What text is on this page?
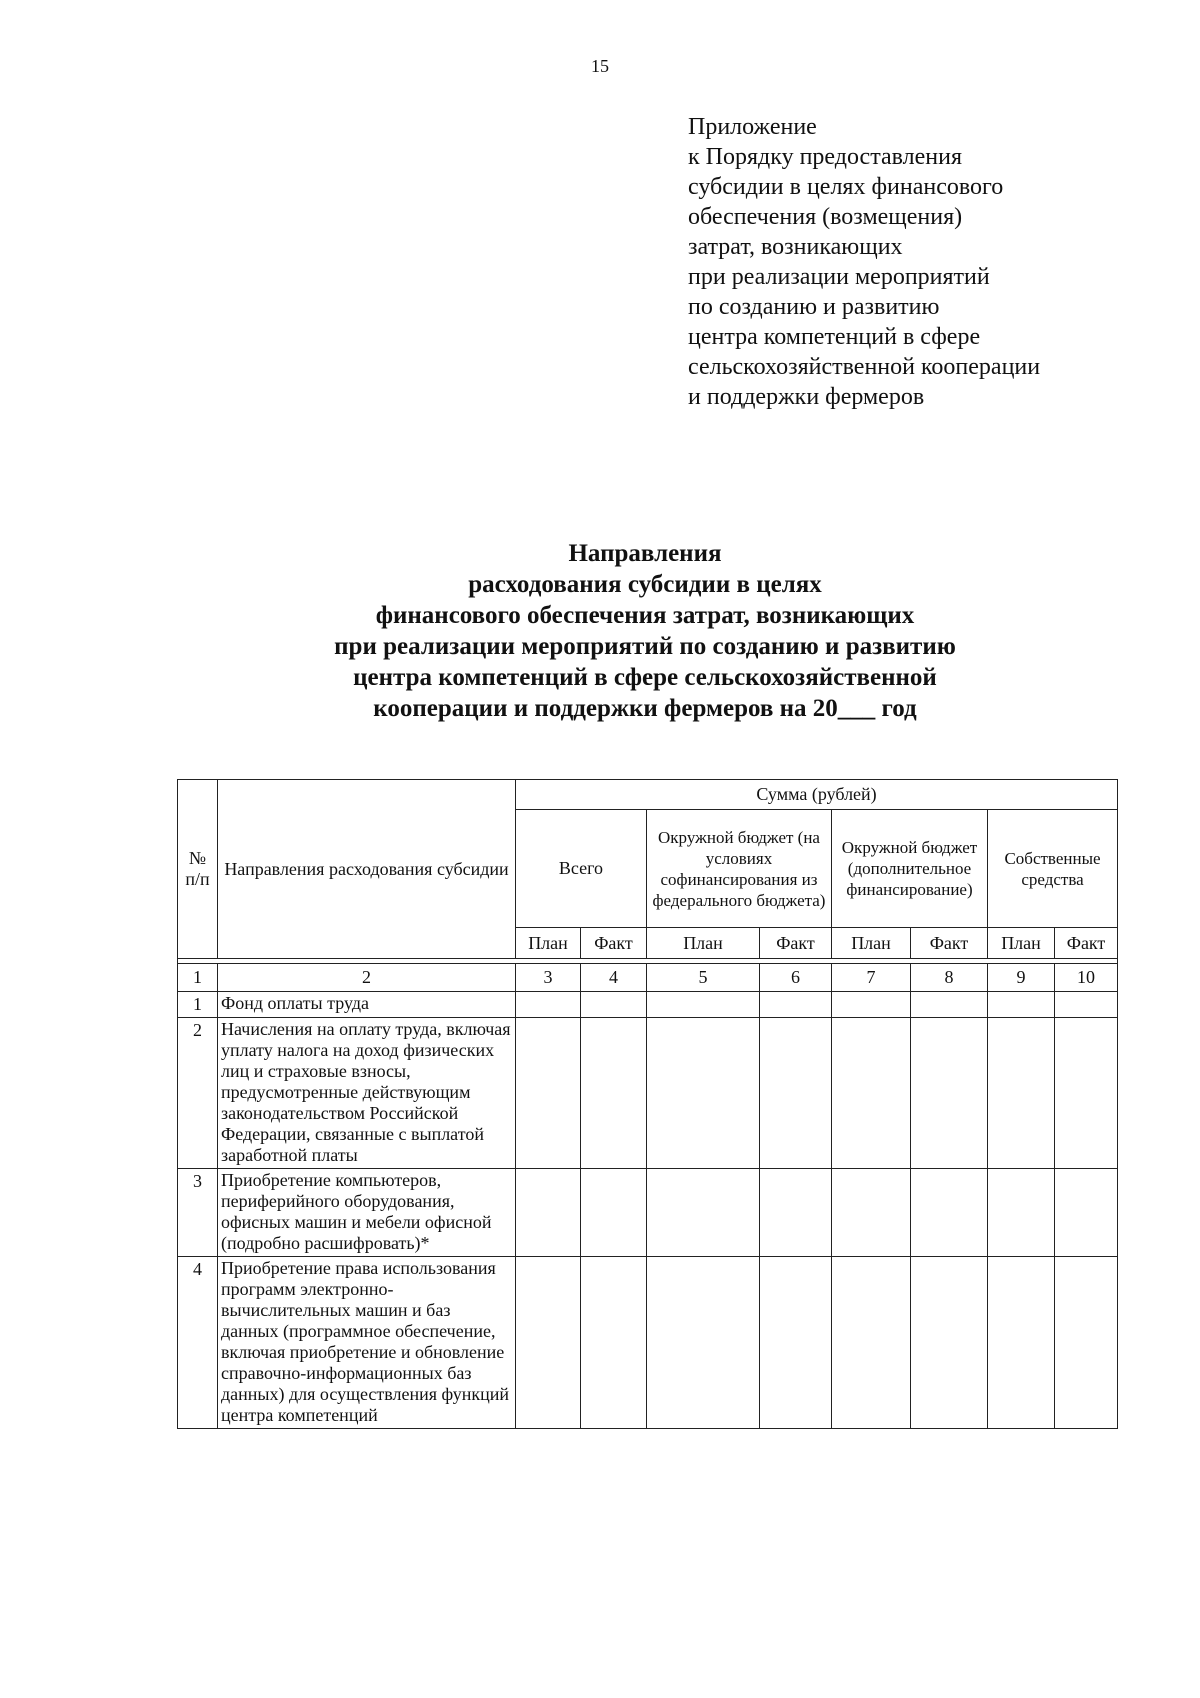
15
Приложение
к Порядку предоставления
субсидии в целях финансового
обеспечения (возмещения)
затрат, возникающих
при реализации мероприятий
по созданию и развитию
центра компетенций в сфере
сельскохозяйственной кооперации
и поддержки фермеров
Направления
расходования субсидии в целях
финансового обеспечения затрат, возникающих
при реализации мероприятий по созданию и развитию
центра компетенций в сфере сельскохозяйственной
кооперации и поддержки фермеров на 20___ год
№ п/п	Направления расходования субсидии	Сумма (рублей)							
		Всего		Окружной бюджет (на условиях софинансирования из федерального бюджета)		Окружной бюджет (дополнительное финансирование)		Собственные средства	
		План	Факт	План	Факт	План	Факт	План	Факт

1	2	3	4	5	6	7	8	9	10
1	Фонд оплаты труда								
2	Начисления на оплату труда, включая уплату налога на доход физических лиц и страховые взносы, предусмотренные действующим законодательством Российской Федерации, связанные с выплатой заработной платы								
3	Приобретение компьютеров, периферийного оборудования, офисных машин и мебели офисной (подробно расшифровать)*								
4	Приобретение права использования программ электронно-вычислительных машин и баз данных (программное обеспечение, включая приобретение и обновление справочно-информационных баз данных) для осуществления функций центра компетенций								
